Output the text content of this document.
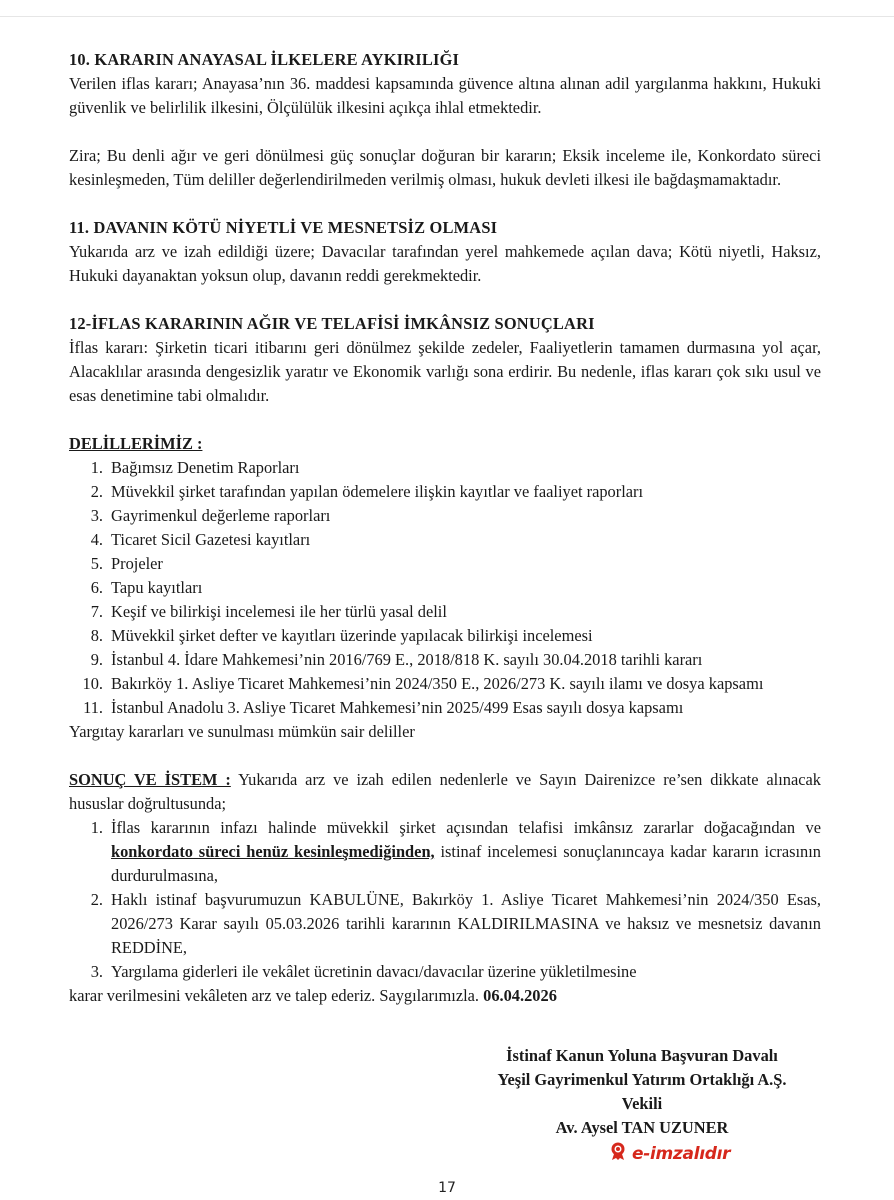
10. KARARIN ANAYASAL İLKELERE AYKIRILIĞI
Verilen iflas kararı; Anayasa’nın 36. maddesi kapsamında güvence altına alınan adil yargılanma hakkını, Hukuki güvenlik ve belirlilik ilkesini, Ölçülülük ilkesini açıkça ihlal etmektedir.
Zira; Bu denli ağır ve geri dönülmesi güç sonuçlar doğuran bir kararın; Eksik inceleme ile, Konkordato süreci kesinleşmeden, Tüm deliller değerlendirilmeden verilmiş olması, hukuk devleti ilkesi ile bağdaşmamaktadır.
11. DAVANIN KÖTÜ NİYETLİ VE MESNETSİZ OLMASI
Yukarıda arz ve izah edildiği üzere; Davacılar tarafından yerel mahkemede açılan dava; Kötü niyetli, Haksız, Hukuki dayanaktan yoksun olup, davanın reddi gerekmektedir.
12-İFLAS KARARININ AĞIR VE TELAFİSİ İMKÂNSIZ SONUÇLARI
İflas kararı: Şirketin ticari itibarını geri dönülmez şekilde zedeler, Faaliyetlerin tamamen durmasına yol açar, Alacaklılar arasında dengesizlik yaratır ve Ekonomik varlığı sona erdirir. Bu nedenle, iflas kararı çok sıkı usul ve esas denetimine tabi olmalıdır.
DELİLLERİMİZ :
1. Bağımsız Denetim Raporları
2. Müvekkil şirket tarafından yapılan ödemelere ilişkin kayıtlar ve faaliyet raporları
3. Gayrimenkul değerleme raporları
4. Ticaret Sicil Gazetesi kayıtları
5. Projeler
6. Tapu kayıtları
7. Keşif ve bilirkişi incelemesi ile her türlü yasal delil
8. Müvekkil şirket defter ve kayıtları üzerinde yapılacak bilirkişi incelemesi
9. İstanbul 4. İdare Mahkemesi’nin 2016/769 E., 2018/818 K. sayılı 30.04.2018 tarihli kararı
10. Bakırköy 1. Asliye Ticaret Mahkemesi’nin 2024/350 E., 2026/273 K. sayılı ilamı ve dosya kapsamı
11. İstanbul Anadolu 3. Asliye Ticaret Mahkemesi’nin 2025/499 Esas sayılı dosya kapsamı
Yargıtay kararları ve sunulması mümkün sair deliller
SONUÇ VE İSTEM : Yukarıda arz ve izah edilen nedenlerle ve Sayın Dairenizce re’sen dikkate alınacak hususlar doğrultusunda;
1. İflas kararının infazı halinde müvekkil şirket açısından telafisi imkânsız zararlar doğacağından ve konkordato süreci henüz kesinleşmediğinden, istinaf incelemesi sonuçlanıncaya kadar kararın icrasının durdurulmasına,
2. Haklı istinaf başvurumuzun KABULÜNE, Bakırköy 1. Asliye Ticaret Mahkemesi’nin 2024/350 Esas, 2026/273 Karar sayılı 05.03.2026 tarihli kararının KALDIRILMASINA ve haksız ve mesnetsiz davanın REDDİNE,
3. Yargılama giderleri ile vekâlet ücretinin davacı/davacılar üzerine yükletilmesine
karar verilmesini vekâleten arz ve talep ederiz. Saygılarımızla. 06.04.2026
İstinaf Kanun Yoluna Başvuran Davalı
Yeşil Gayrimenkul Yatırım Ortaklığı A.Ş.
Vekili
Av. Aysel TAN UZUNER
e-imzalıdır
17
